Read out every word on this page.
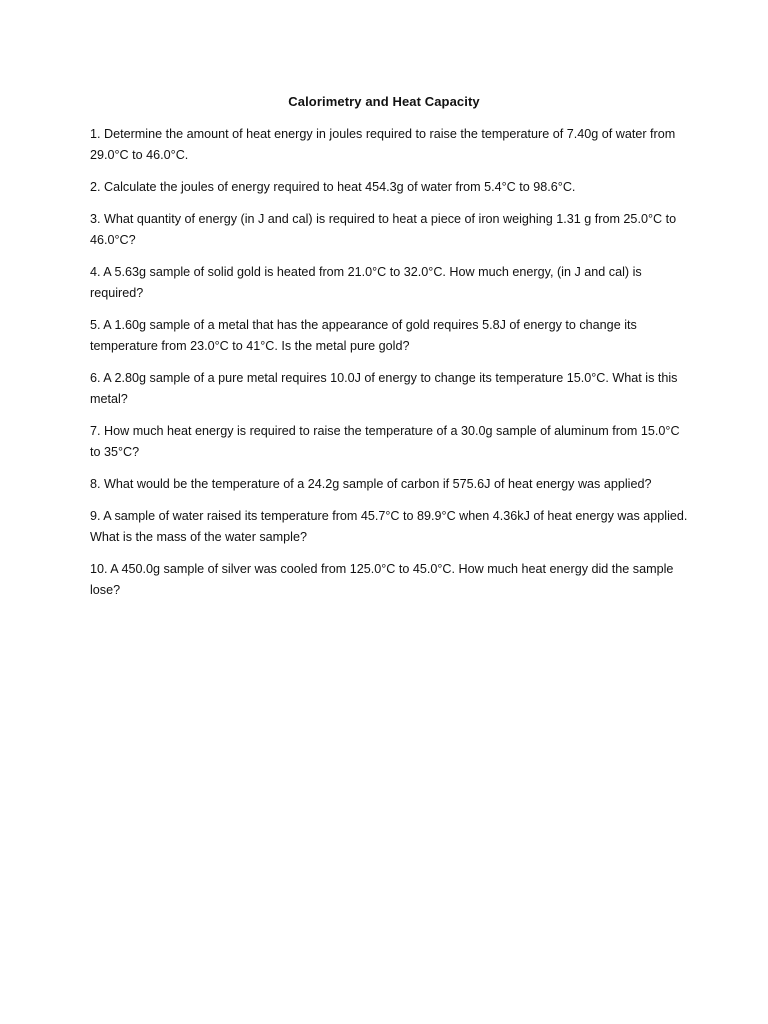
Calorimetry and Heat Capacity
1. Determine the amount of heat energy in joules required to raise the temperature of 7.40g of water from 29.0°C to 46.0°C.
2. Calculate the joules of energy required to heat 454.3g of water from 5.4°C to 98.6°C.
3. What quantity of energy (in J and cal) is required to heat a piece of iron weighing 1.31 g from 25.0°C to 46.0°C?
4. A 5.63g sample of solid gold is heated from 21.0°C to 32.0°C. How much energy, (in J and cal) is required?
5. A 1.60g sample of a metal that has the appearance of gold requires 5.8J of energy to change its temperature from 23.0°C to 41°C. Is the metal pure gold?
6. A 2.80g sample of a pure metal requires 10.0J of energy to change its temperature 15.0°C. What is this metal?
7. How much heat energy is required to raise the temperature of a 30.0g sample of aluminum from 15.0°C to 35°C?
8. What would be the temperature of a 24.2g sample of carbon if 575.6J of heat energy was applied?
9. A sample of water raised its temperature from 45.7°C to 89.9°C when 4.36kJ of heat energy was applied. What is the mass of the water sample?
10. A 450.0g sample of silver was cooled from 125.0°C to 45.0°C. How much heat energy did the sample lose?
